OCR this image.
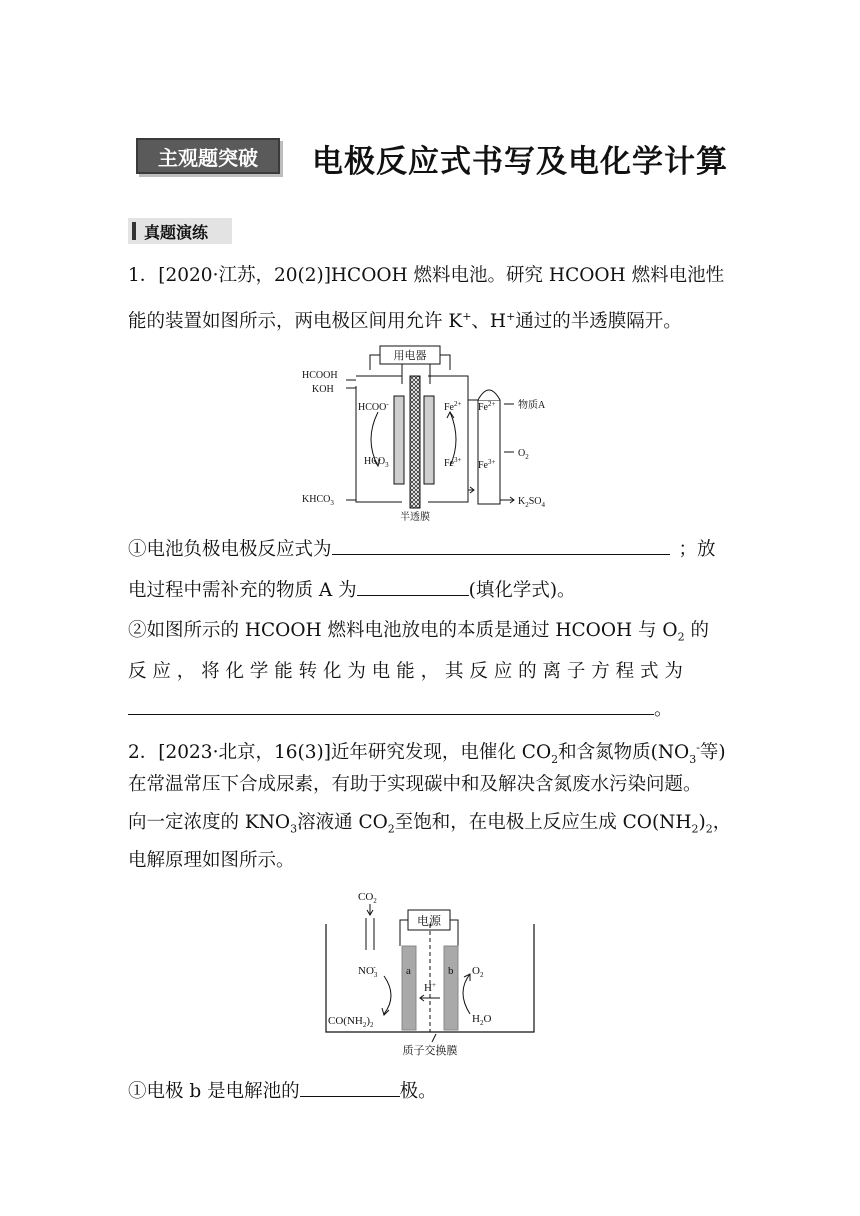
主观题突破	电极反应式书写及电化学计算
真题演练
1．[2020·江苏，20(2)]HCOOH 燃料电池。研究 HCOOH 燃料电池性
能的装置如图所示，两电极区间用允许 K+、H+通过的半透膜隔开。
用电器
HCOOH
KOH
HCOO-
$HCO_3$
$Fe^{2+}$
$Fe^{3+}$
$Fe^{2+}$
$Fe^{3+}$
物质A
$O_2$
$KHCO_3$	$K_2SO_4$
半透膜
①电池负极电极反应式为	；放
电过程中需补充的物质 A 为	(填化学式)。
②如图所示的 HCOOH 燃料电池放电的本质是通过 HCOOH 与 $O_2$ 的
反 应 ， 将 化 学 能 转 化 为 电 能 ， 其 反 应 的 离 子 方 程 式 为
。
2．[2023·北京，16(3)]近年研究发现，电催化 $CO_2$和含氮物质($NO_3^-$等)
在常温常压下合成尿素，有助于实现碳中和及解决含氮废水污染问题。
向一定浓度的 $KNO_3$溶液通 $CO_2$至饱和，在电极上反应生成 $CO(NH_2)_2$，
电解原理如图所示。
电源
$CO_2$
a	b
$NO_3-$	$O_2$
H+
$CO(NH_2)_2$	$H_2O$
质子交换膜
①电极 b 是电解池的	极。
